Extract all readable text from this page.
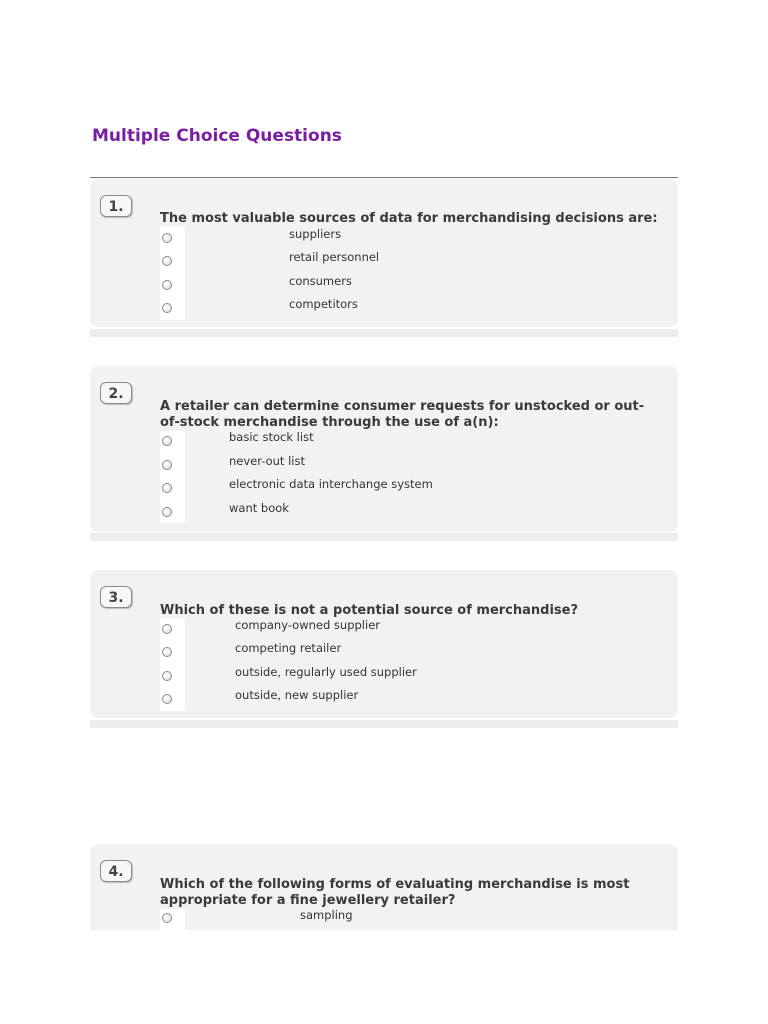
Multiple Choice Questions
1.

The most valuable sources of data for merchandising decisions are:

suppliers
retail personnel
consumers
competitors
2.

A retailer can determine consumer requests for unstocked or out-of-stock merchandise through the use of a(n):

basic stock list
never-out list
electronic data interchange system
want book
3.

Which of these is not a potential source of merchandise?

company-owned supplier
competing retailer
outside, regularly used supplier
outside, new supplier
4.

Which of the following forms of evaluating merchandise is most appropriate for a fine jewellery retailer?

sampling
